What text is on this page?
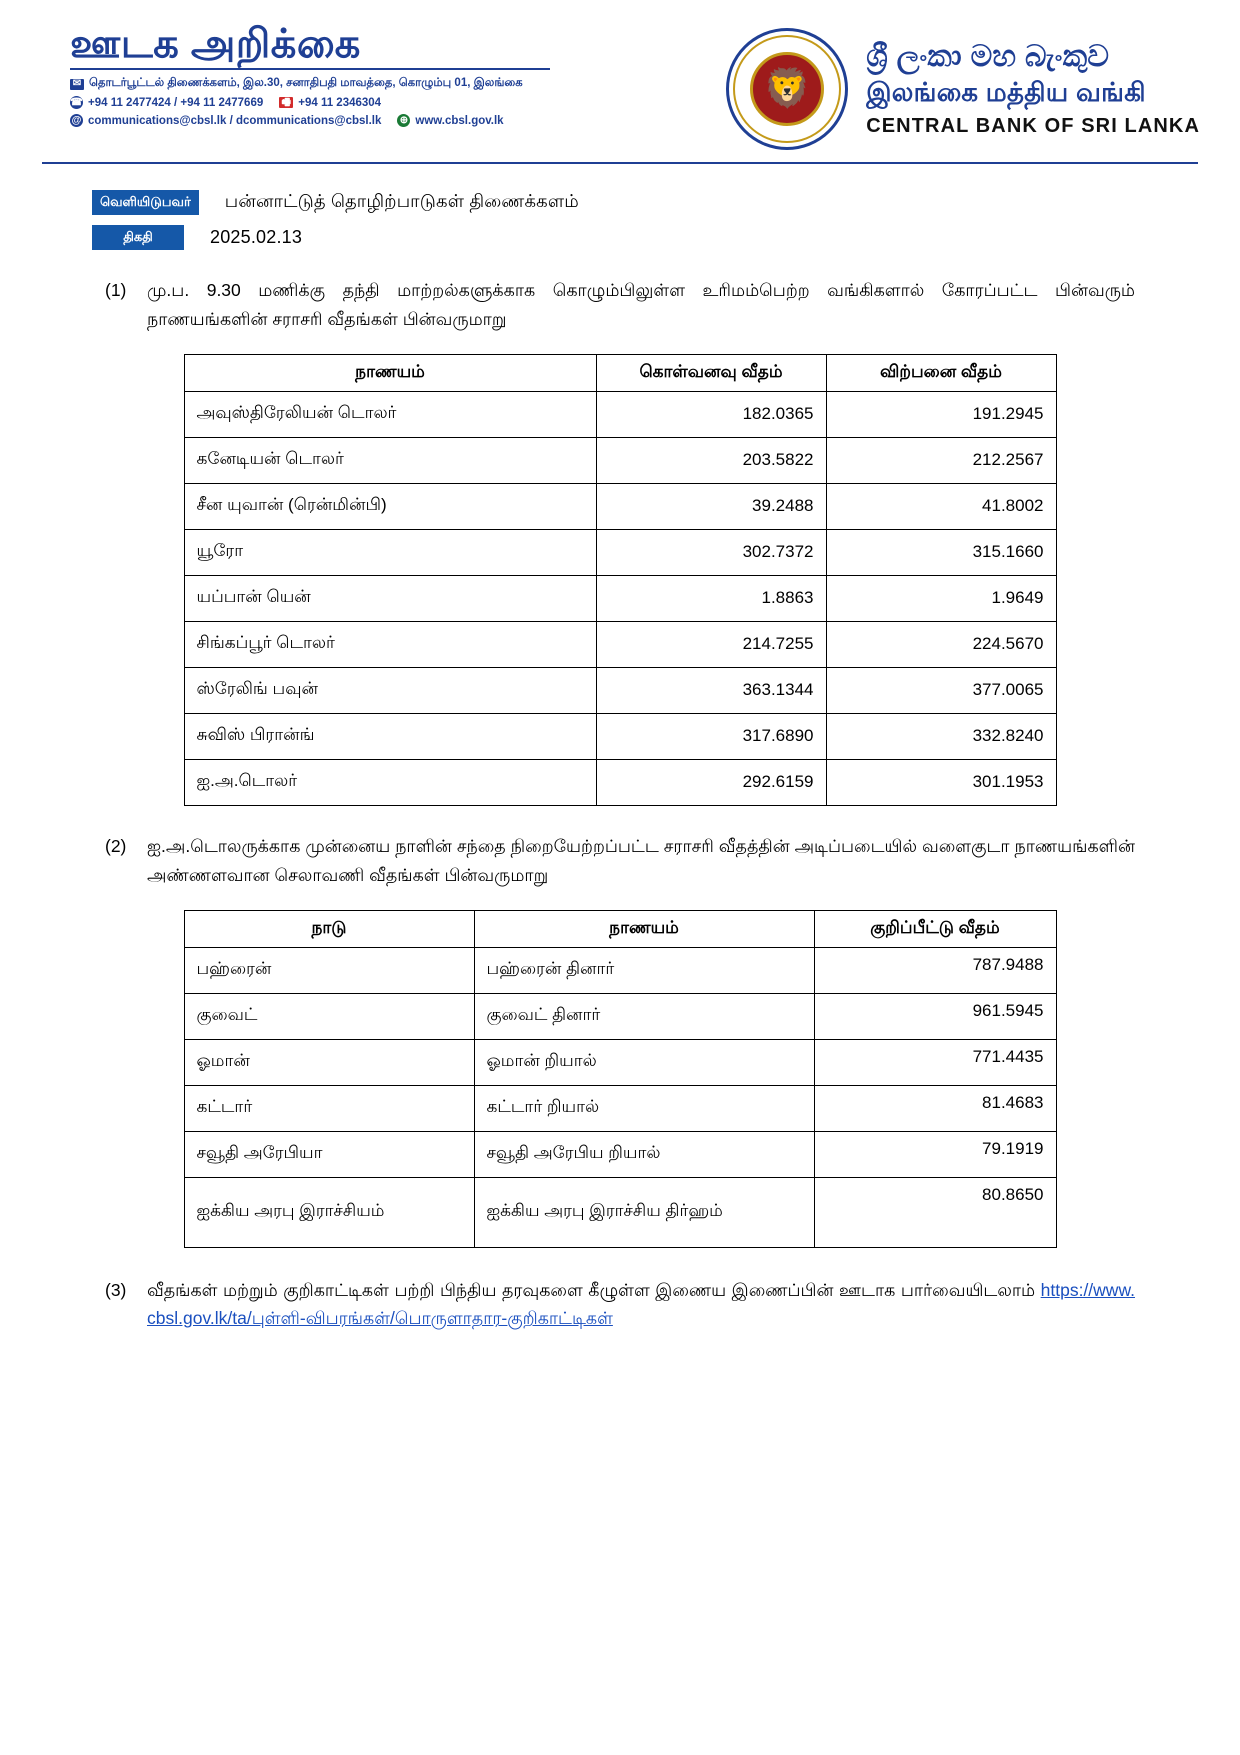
ஊடக அறிக்கை
✉ தொடர்பூட்டல் திணைக்களம், இல.30, சனாதிபதி மாவத்தை, கொழும்பு 01, இலங்கை
☎ +94 11 2477424 / +94 11 2477669 🖷 +94 11 2346304
@ communications@cbsl.lk / dcommunications@cbsl.lk ⊕ www.cbsl.gov.lk
🦁
ශ්‍රී ලංකා මහ බැංකුව
இலங்கை மத்திய வங்கி
CENTRAL BANK OF SRI LANKA
வெளியிடுபவர்	பன்னாட்டுத் தொழிற்பாடுகள் திணைக்களம்
திகதி	2025.02.13
(1)	மு.ப. 9.30 மணிக்கு தந்தி மாற்றல்களுக்காக கொழும்பிலுள்ள உரிமம்பெற்ற வங்கிகளால் கோரப்பட்ட பின்வரும் நாணயங்களின் சராசரி வீதங்கள் பின்வருமாறு
நாணயம்	கொள்வனவு வீதம்	விற்பனை வீதம்
அவுஸ்திரேலியன் டொலர்	182.0365	191.2945
கனேடியன் டொலர்	203.5822	212.2567
சீன யுவான் (ரென்மின்பி)	39.2488	41.8002
யூரோ	302.7372	315.1660
யப்பான் யென்	1.8863	1.9649
சிங்கப்பூர் டொலர்	214.7255	224.5670
ஸ்ரேலிங் பவுன்	363.1344	377.0065
சுவிஸ் பிரான்ங்	317.6890	332.8240
ஐ.அ.டொலர்	292.6159	301.1953
(2)	ஐ.அ.டொலருக்காக முன்னைய நாளின் சந்தை நிறையேற்றப்பட்ட சராசரி வீதத்தின் அடிப்படையில் வளைகுடா நாணயங்களின் அண்ணளவான செலாவணி வீதங்கள் பின்வருமாறு
நாடு	நாணயம்	குறிப்பீட்டு வீதம்
பஹ்ரைன்	பஹ்ரைன் தினார்	787.9488
குவைட்	குவைட் தினார்	961.5945
ஓமான்	ஓமான் றியால்	771.4435
கட்டார்	கட்டார் றியால்	81.4683
சவூதி அரேபியா	சவூதி அரேபிய றியால்	79.1919
ஐக்கிய அரபு இராச்சியம்	ஐக்கிய அரபு இராச்சிய திர்ஹம்	80.8650
(3)	வீதங்கள் மற்றும் குறிகாட்டிகள் பற்றி பிந்திய தரவுகளை கீழுள்ள இணைய இணைப்பின் ஊடாக பார்வையிடலாம் https://www.cbsl.gov.lk/ta/புள்ளி-விபரங்கள்/பொருளாதார-குறிகாட்டிகள்
